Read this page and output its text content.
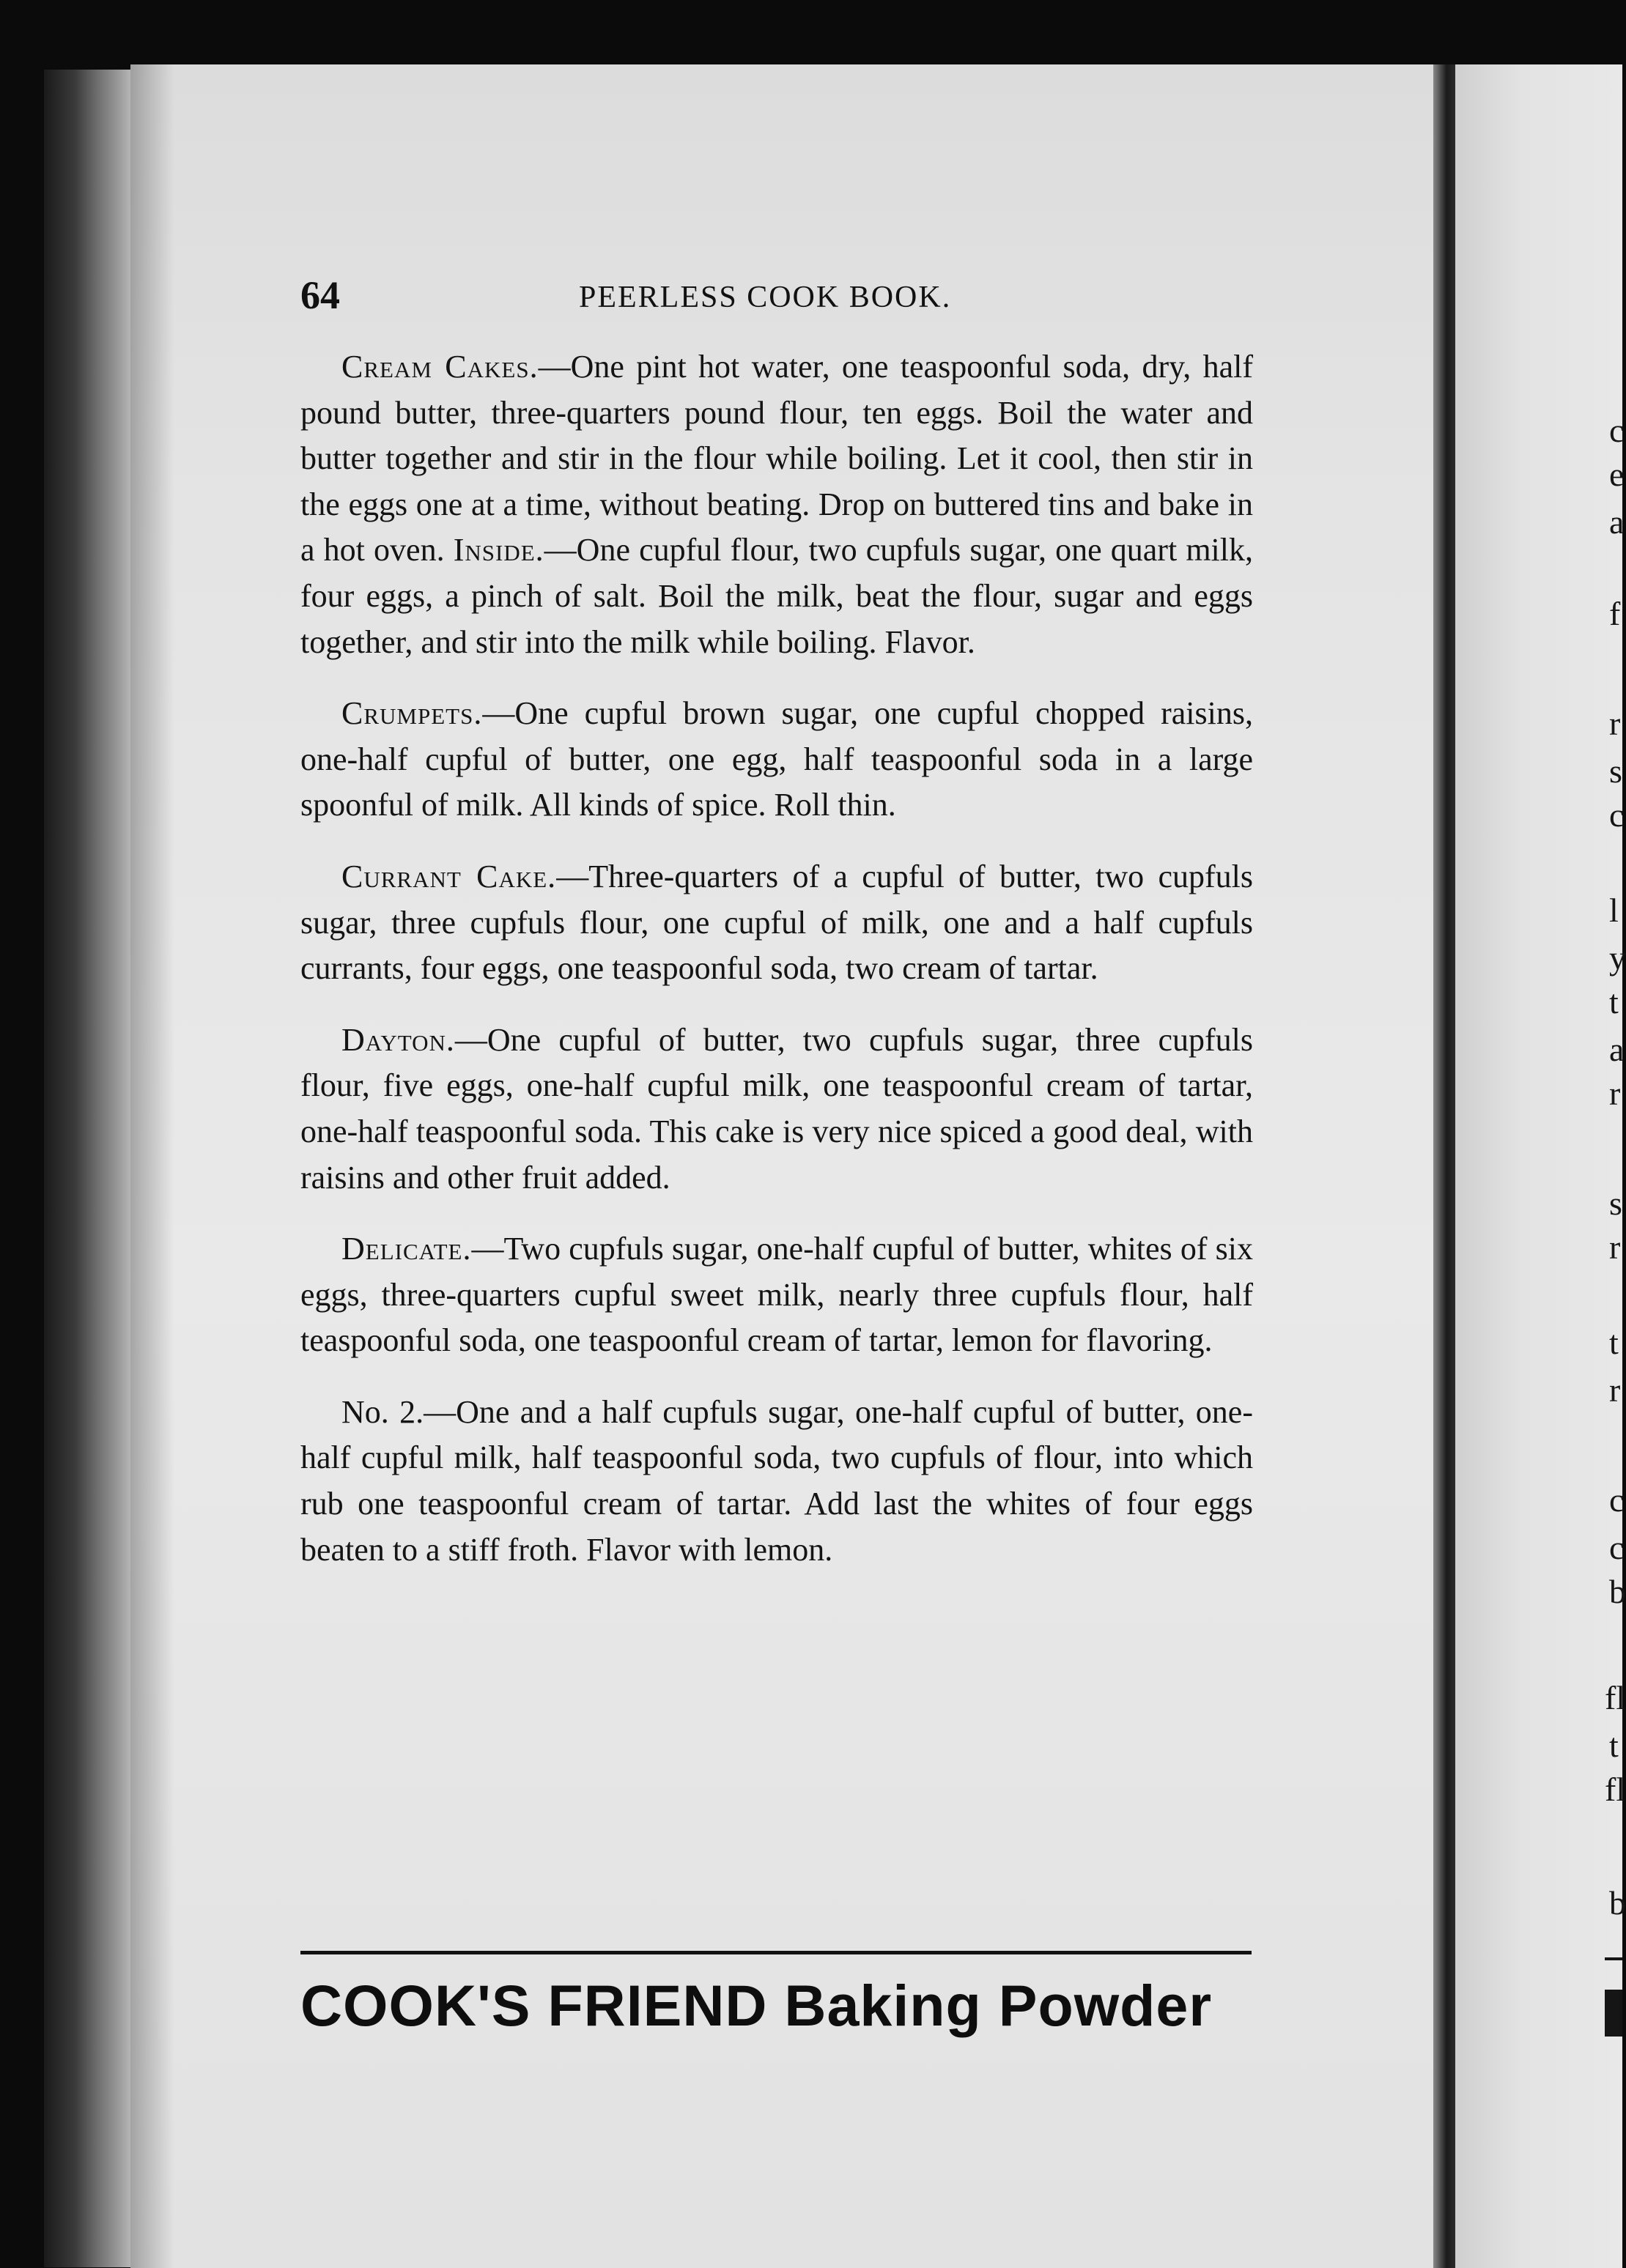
c
e
a
f
r
s
c
l
y
t
a
r
s
r
t
r
c
c
b
fl
t
fl
b
64	PEERLESS COOK BOOK.

Cream Cakes.—One pint hot water, one teaspoonful soda, dry, half pound butter, three-quarters pound flour, ten eggs. Boil the water and butter together and stir in the flour while boiling. Let it cool, then stir in the eggs one at a time, without beating. Drop on buttered tins and bake in a hot oven. Inside.—One cupful flour, two cupfuls sugar, one quart milk, four eggs, a pinch of salt. Boil the milk, beat the flour, sugar and eggs together, and stir into the milk while boiling. Flavor.

Crumpets.—One cupful brown sugar, one cupful chopped raisins, one-half cupful of butter, one egg, half teaspoonful soda in a large spoonful of milk. All kinds of spice. Roll thin.

Currant Cake.—Three-quarters of a cupful of butter, two cupfuls sugar, three cupfuls flour, one cupful of milk, one and a half cupfuls currants, four eggs, one teaspoonful soda, two cream of tartar.

Dayton.—One cupful of butter, two cupfuls sugar, three cupfuls flour, five eggs, one-half cupful milk, one teaspoonful cream of tartar, one-half teaspoonful soda. This cake is very nice spiced a good deal, with raisins and other fruit added.

Delicate.—Two cupfuls sugar, one-half cupful of butter, whites of six eggs, three-quarters cupful sweet milk, nearly three cupfuls flour, half teaspoonful soda, one teaspoonful cream of tartar, lemon for flavoring.

No. 2.—One and a half cupfuls sugar, one-half cupful of butter, one-half cupful milk, half teaspoonful soda, two cupfuls of flour, into which rub one teaspoonful cream of tartar. Add last the whites of four eggs beaten to a stiff froth. Flavor with lemon.

COOK'S FRIEND Baking Powder
